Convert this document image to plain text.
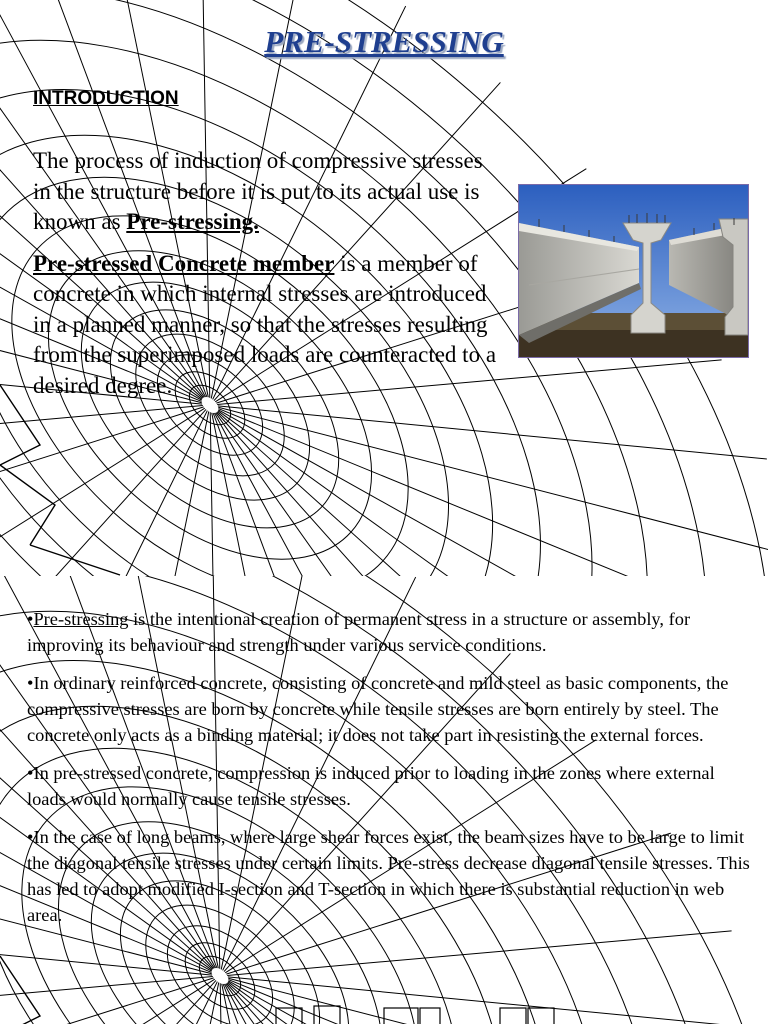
PRE-STRESSING
INTRODUCTION

The process of induction of compressive stresses in the structure before it is put to its actual use is known as Pre-stressing.

Pre-stressed Concrete member is a member of concrete in which internal stresses are introduced in a planned manner, so that the stresses resulting from the superimposed loads are counteracted to a desired degree.

•Pre-stressing is the intentional creation of permanent stress in a structure or assembly, for improving its behaviour and strength under various service conditions.

•In ordinary reinforced concrete, consisting of concrete and mild steel as basic components, the compressive stresses are born by concrete while tensile stresses are born entirely by steel. The concrete only acts as a binding material; it does not take part in resisting the external forces.

•In pre-stressed concrete, compression is induced prior to loading in the zones where external loads would normally cause tensile stresses.

•In the case of long beams, where large shear forces exist, the beam sizes have to be large to limit the diagonal tensile stresses under certain limits. Pre-stress decrease diagonal tensile stresses. This has led to adopt modified I-section and T-section in which there is substantial reduction in web area.
